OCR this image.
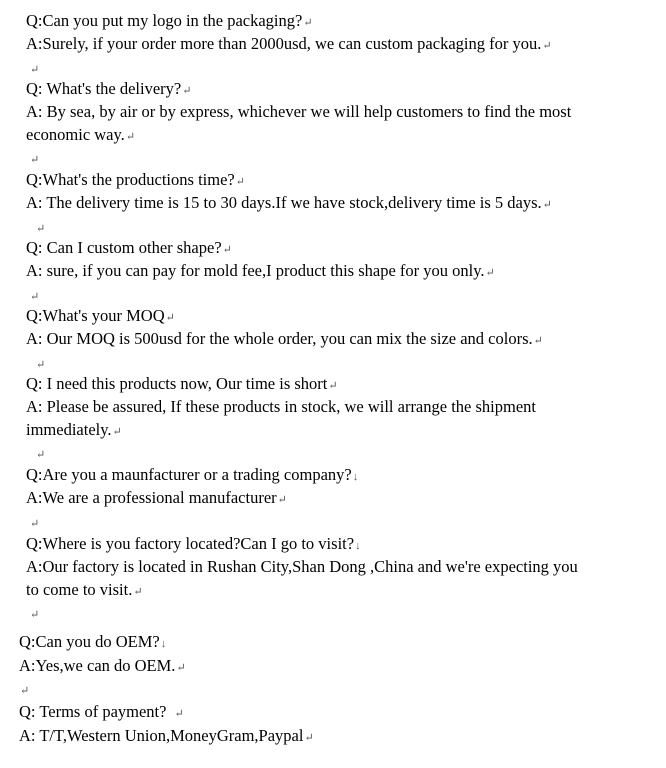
Q:Can you put my logo in the packaging?↵
A:Surely, if your order more than 2000usd, we can custom packaging for you.↵
↵
Q: What's the delivery?↵
A: By sea, by air or by express, whichever we will help customers to find the most
economic way.↵
↵
Q:What's the productions time?↵
A: The delivery time is 15 to 30 days.If we have stock,delivery time is 5 days.↵
↵
Q: Can I custom other shape?↵
A: sure, if you can pay for mold fee,I product this shape for you only.↵
↵
Q:What's your MOQ↵
A: Our MOQ is 500usd for the whole order, you can mix the size and colors.↵
↵
Q: I need this products now, Our time is short↵
A: Please be assured, If these products in stock, we will arrange the shipment
immediately.↵
↵
Q:Are you a maunfacturer or a trading company?↓
A:We are a professional manufacturer↵
↵
Q:Where is you factory located?Can I go to visit?↓
A:Our factory is located in Rushan City,Shan Dong ,China and we're expecting you
to come to visit.↵
↵
Q:Can you do OEM?↓
A:Yes,we can do OEM.↵
↵
Q: Terms of payment? ↵
A: T/T,Western Union,MoneyGram,Paypal↵
